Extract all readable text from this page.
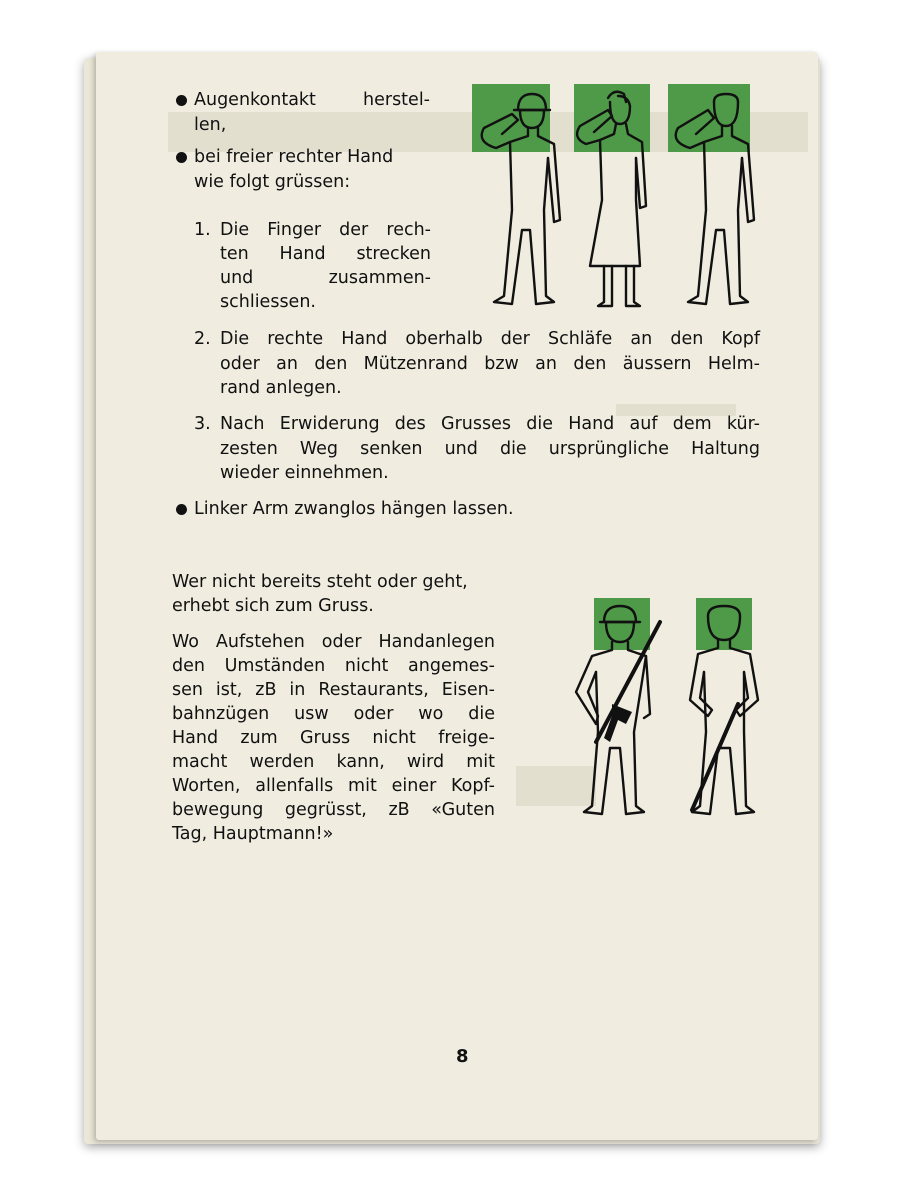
Augenkontakt	herstel-

len,

bei freier rechter Hand

wie folgt grüssen:

1. Die Finger der rech-

ten Hand strecken

und zusammen-

schliessen.

2. Die rechte Hand oberhalb der Schläfe an den Kopf

oder an den Mützenrand bzw an den äussern Helm-

rand anlegen.

3. Nach Erwiderung des Grusses die Hand auf dem kür-

zesten Weg senken und die ursprüngliche Haltung

wieder einnehmen.

Linker Arm zwanglos hängen lassen.

Wer nicht bereits steht oder geht,

erhebt sich zum Gruss.

Wo Aufstehen oder Handanlegen

den Umständen nicht angemes-

sen ist, zB in Restaurants, Eisen-

bahnzügen usw oder wo die

Hand zum Gruss nicht freige-

macht werden kann, wird mit

Worten, allenfalls mit einer Kopf-

bewegung gegrüsst, zB «Guten

Tag, Hauptmann!»

8
